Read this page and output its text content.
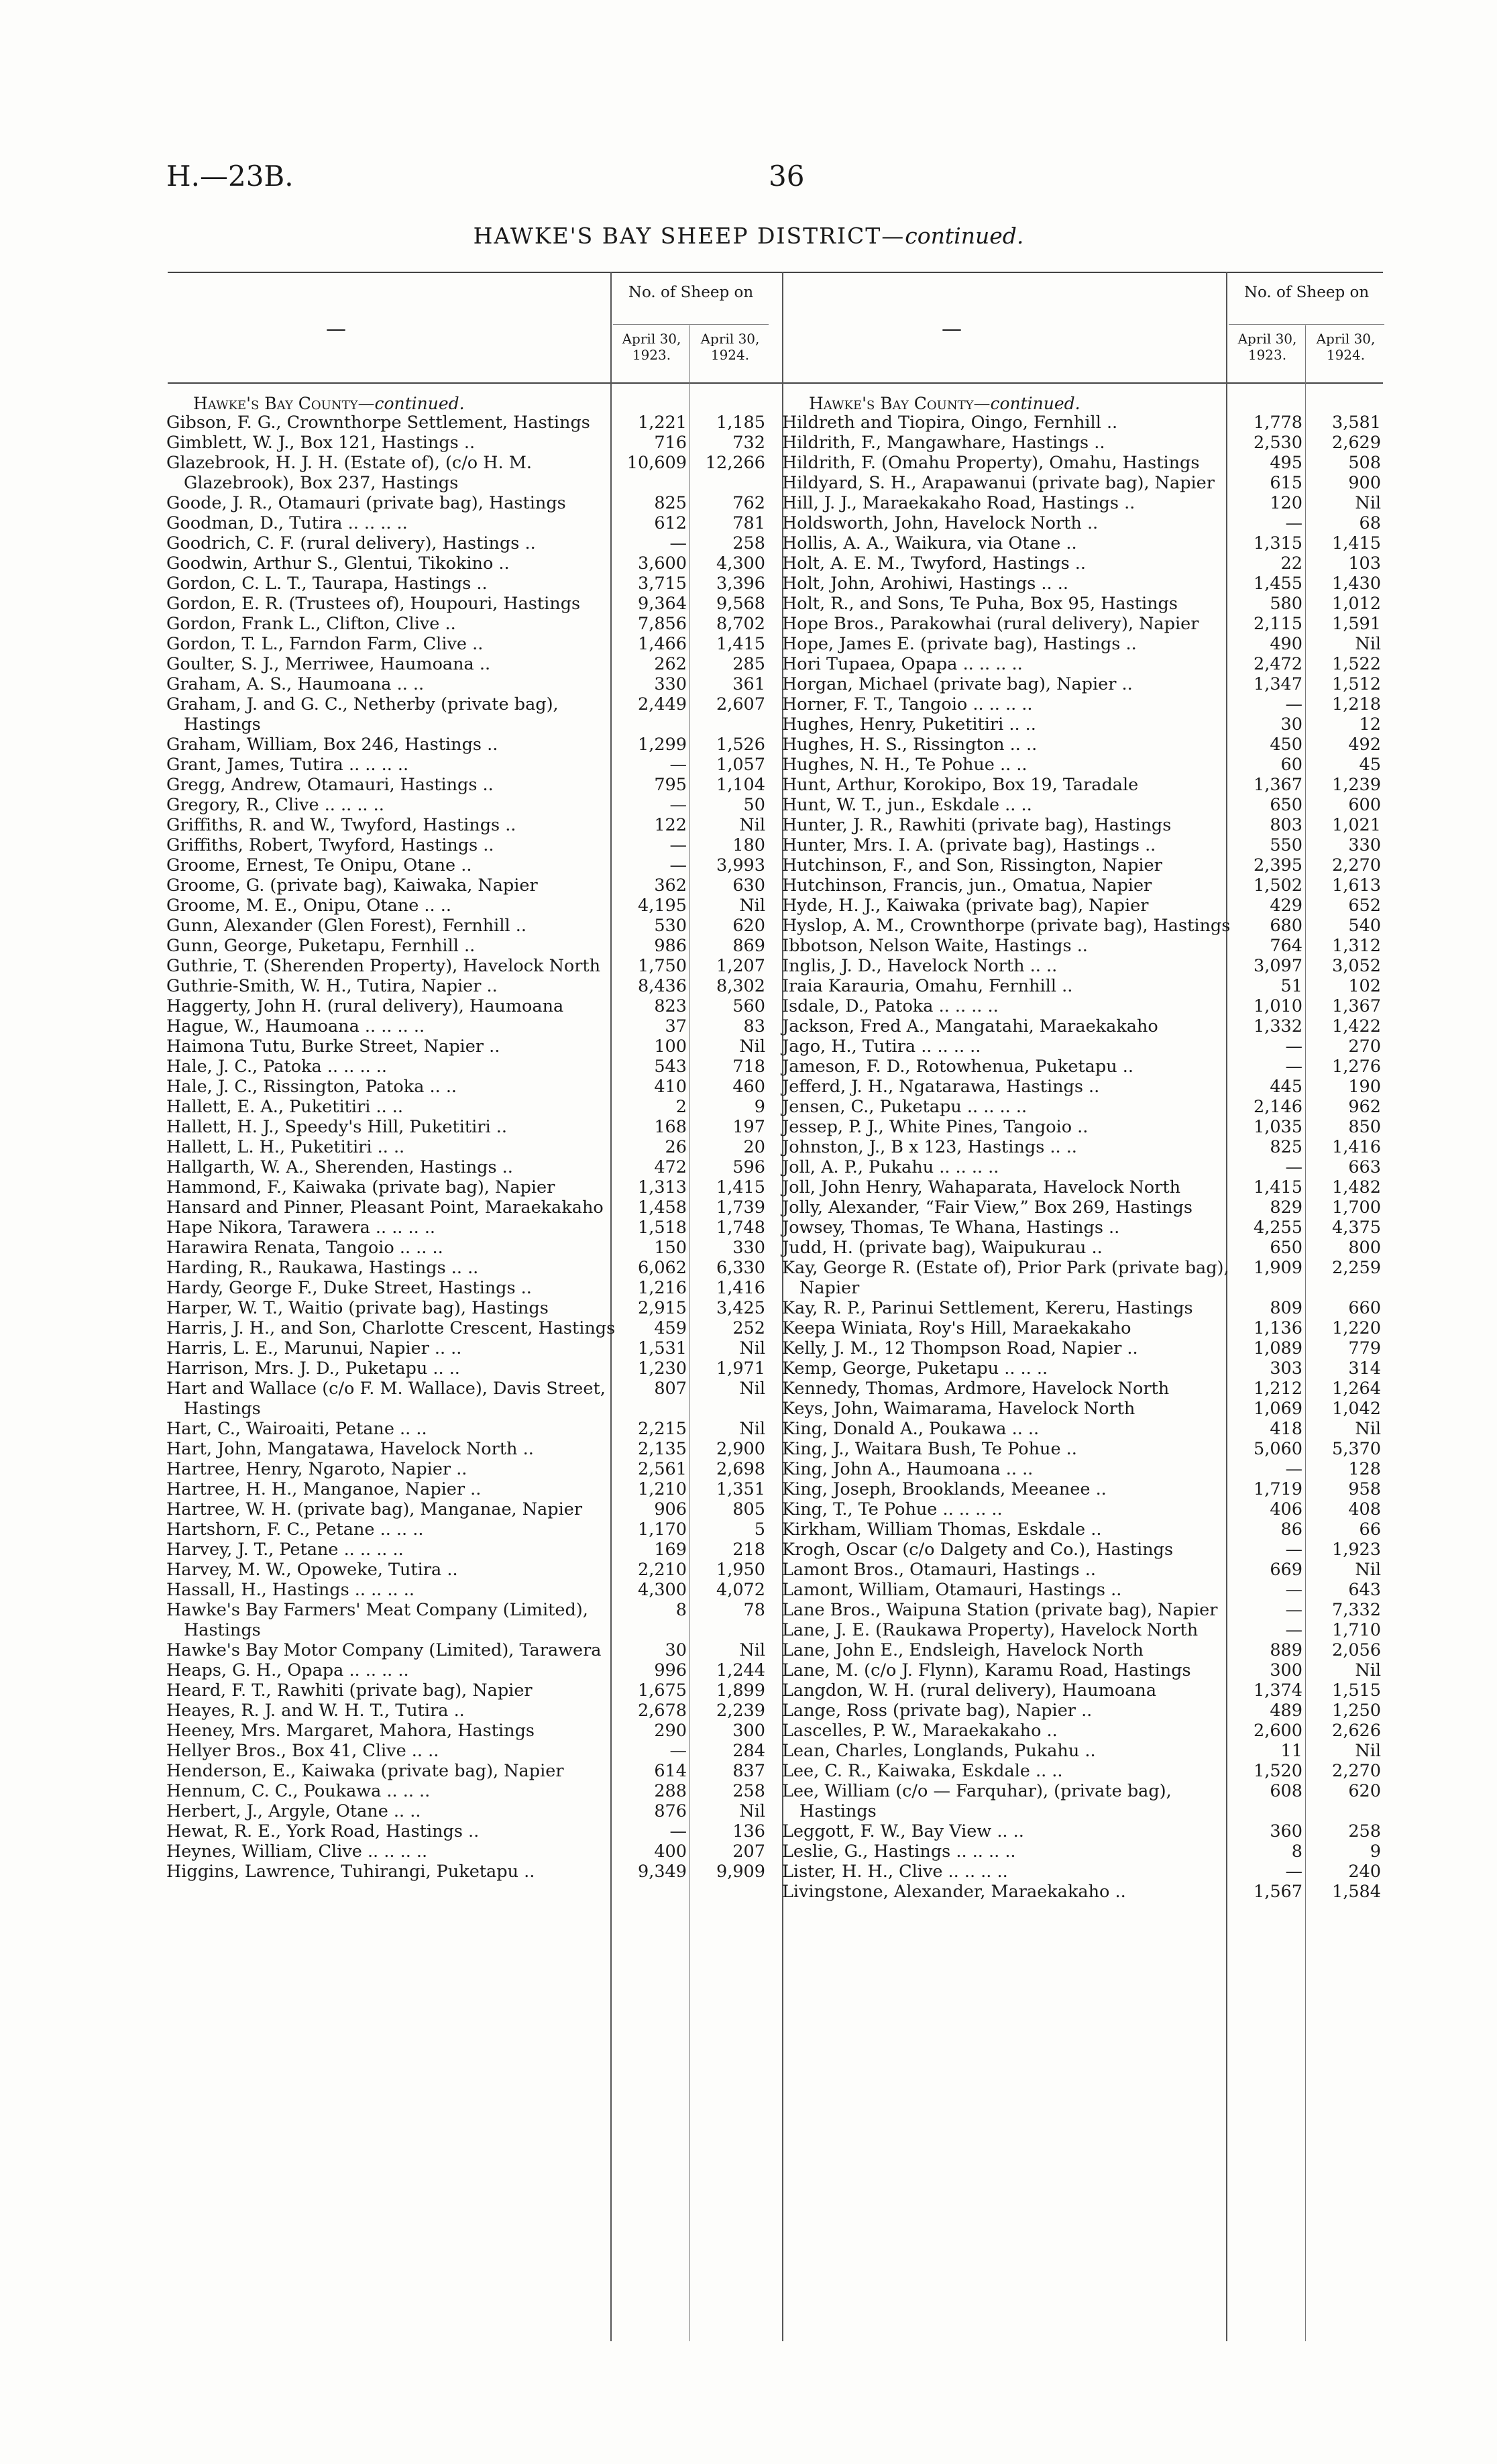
H.—23B.	36
HAWKE'S BAY SHEEP DISTRICT—continued.
—
No. of Sheep on
April 30,
1923.
April 30,
1924.
Hawke's Bay County—continued.
Gibson, F. G., Crownthorpe Settlement, Hastings	1,221	1,185
Gimblett, W. J., Box 121, Hastings ..	716	732
Glazebrook, H. J. H. (Estate of), (c/o H. M. Glazebrook), Box 237, Hastings
10,609	12,266
Goode, J. R., Otamauri (private bag), Hastings	825	762
Goodman, D., Tutira .. .. .. ..	612	781
Goodrich, C. F. (rural delivery), Hastings ..	—	258
Goodwin, Arthur S., Glentui, Tikokino ..	3,600	4,300
Gordon, C. L. T., Taurapa, Hastings ..	3,715	3,396
Gordon, E. R. (Trustees of), Houpouri, Hastings	9,364	9,568
Gordon, Frank L., Clifton, Clive ..	7,856	8,702
Gordon, T. L., Farndon Farm, Clive ..	1,466	1,415
Goulter, S. J., Merriwee, Haumoana ..	262	285
Graham, A. S., Haumoana .. ..	330	361
Graham, J. and G. C., Netherby (private bag), Hastings
2,449	2,607
Graham, William, Box 246, Hastings ..	1,299	1,526
Grant, James, Tutira .. .. .. ..	—	1,057
Gregg, Andrew, Otamauri, Hastings ..	795	1,104
Gregory, R., Clive .. .. .. ..	—	50
Griffiths, R. and W., Twyford, Hastings ..	122	Nil
Griffiths, Robert, Twyford, Hastings ..	—	180
Groome, Ernest, Te Onipu, Otane ..	—	3,993
Groome, G. (private bag), Kaiwaka, Napier	362	630
Groome, M. E., Onipu, Otane .. ..	4,195	Nil
Gunn, Alexander (Glen Forest), Fernhill ..	530	620
Gunn, George, Puketapu, Fernhill ..	986	869
Guthrie, T. (Sherenden Property), Havelock North	1,750	1,207
Guthrie-Smith, W. H., Tutira, Napier ..	8,436	8,302
Haggerty, John H. (rural delivery), Haumoana	823	560
Hague, W., Haumoana .. .. .. ..	37	83
Haimona Tutu, Burke Street, Napier ..	100	Nil
Hale, J. C., Patoka .. .. .. ..	543	718
Hale, J. C., Rissington, Patoka .. ..	410	460
Hallett, E. A., Puketitiri .. ..	2	9
Hallett, H. J., Speedy's Hill, Puketitiri ..	168	197
Hallett, L. H., Puketitiri .. ..	26	20
Hallgarth, W. A., Sherenden, Hastings ..	472	596
Hammond, F., Kaiwaka (private bag), Napier	1,313	1,415
Hansard and Pinner, Pleasant Point, Maraekakaho	1,458	1,739
Hape Nikora, Tarawera .. .. .. ..	1,518	1,748
Harawira Renata, Tangoio .. .. ..	150	330
Harding, R., Raukawa, Hastings .. ..	6,062	6,330
Hardy, George F., Duke Street, Hastings ..	1,216	1,416
Harper, W. T., Waitio (private bag), Hastings	2,915	3,425
Harris, J. H., and Son, Charlotte Crescent, Hastings	459	252
Harris, L. E., Marunui, Napier .. ..	1,531	Nil
Harrison, Mrs. J. D., Puketapu .. ..	1,230	1,971
Hart and Wallace (c/o F. M. Wallace), Davis Street, Hastings
807	Nil
Hart, C., Wairoaiti, Petane .. ..	2,215	Nil
Hart, John, Mangatawa, Havelock North ..	2,135	2,900
Hartree, Henry, Ngaroto, Napier ..	2,561	2,698
Hartree, H. H., Manganoe, Napier ..	1,210	1,351
Hartree, W. H. (private bag), Manganae, Napier	906	805
Hartshorn, F. C., Petane .. .. ..	1,170	5
Harvey, J. T., Petane .. .. .. ..	169	218
Harvey, M. W., Opoweke, Tutira ..	2,210	1,950
Hassall, H., Hastings .. .. .. ..	4,300	4,072
Hawke's Bay Farmers' Meat Company (Limited), Hastings
8	78
Hawke's Bay Motor Company (Limited), Tarawera	30	Nil
Heaps, G. H., Opapa .. .. .. ..	996	1,244
Heard, F. T., Rawhiti (private bag), Napier	1,675	1,899
Heayes, R. J. and W. H. T., Tutira ..	2,678	2,239
Heeney, Mrs. Margaret, Mahora, Hastings	290	300
Hellyer Bros., Box 41, Clive .. ..	—	284
Henderson, E., Kaiwaka (private bag), Napier	614	837
Hennum, C. C., Poukawa .. .. ..	288	258
Herbert, J., Argyle, Otane .. ..	876	Nil
Hewat, R. E., York Road, Hastings ..	—	136
Heynes, William, Clive .. .. .. ..	400	207
Higgins, Lawrence, Tuhirangi, Puketapu ..	9,349	9,909
—
No. of Sheep on
April 30,
1923.
April 30,
1924.
Hawke's Bay County—continued.
Hildreth and Tiopira, Oingo, Fernhill ..	1,778	3,581
Hildrith, F., Mangawhare, Hastings ..	2,530	2,629
Hildrith, F. (Omahu Property), Omahu, Hastings	495	508
Hildyard, S. H., Arapawanui (private bag), Napier	615	900
Hill, J. J., Maraekakaho Road, Hastings ..	120	Nil
Holdsworth, John, Havelock North ..	—	68
Hollis, A. A., Waikura, via Otane ..	1,315	1,415
Holt, A. E. M., Twyford, Hastings ..	22	103
Holt, John, Arohiwi, Hastings .. ..	1,455	1,430
Holt, R., and Sons, Te Puha, Box 95, Hastings	580	1,012
Hope Bros., Parakowhai (rural delivery), Napier	2,115	1,591
Hope, James E. (private bag), Hastings ..	490	Nil
Hori Tupaea, Opapa .. .. .. ..	2,472	1,522
Horgan, Michael (private bag), Napier ..	1,347	1,512
Horner, F. T., Tangoio .. .. .. ..	—	1,218
Hughes, Henry, Puketitiri .. ..	30	12
Hughes, H. S., Rissington .. ..	450	492
Hughes, N. H., Te Pohue .. ..	60	45
Hunt, Arthur, Korokipo, Box 19, Taradale	1,367	1,239
Hunt, W. T., jun., Eskdale .. ..	650	600
Hunter, J. R., Rawhiti (private bag), Hastings	803	1,021
Hunter, Mrs. I. A. (private bag), Hastings ..	550	330
Hutchinson, F., and Son, Rissington, Napier	2,395	2,270
Hutchinson, Francis, jun., Omatua, Napier	1,502	1,613
Hyde, H. J., Kaiwaka (private bag), Napier	429	652
Hyslop, A. M., Crownthorpe (private bag), Hastings	680	540
Ibbotson, Nelson Waite, Hastings ..	764	1,312
Inglis, J. D., Havelock North .. ..	3,097	3,052
Iraia Karauria, Omahu, Fernhill ..	51	102
Isdale, D., Patoka .. .. .. ..	1,010	1,367
Jackson, Fred A., Mangatahi, Maraekakaho	1,332	1,422
Jago, H., Tutira .. .. .. ..	—	270
Jameson, F. D., Rotowhenua, Puketapu ..	—	1,276
Jefferd, J. H., Ngatarawa, Hastings ..	445	190
Jensen, C., Puketapu .. .. .. ..	2,146	962
Jessep, P. J., White Pines, Tangoio ..	1,035	850
Johnston, J., B x 123, Hastings .. ..	825	1,416
Joll, A. P., Pukahu .. .. .. ..	—	663
Joll, John Henry, Wahaparata, Havelock North	1,415	1,482
Jolly, Alexander, “Fair View,” Box 269, Hastings	829	1,700
Jowsey, Thomas, Te Whana, Hastings ..	4,255	4,375
Judd, H. (private bag), Waipukurau ..	650	800
Kay, George R. (Estate of), Prior Park (private bag), Napier
1,909	2,259
Kay, R. P., Parinui Settlement, Kereru, Hastings	809	660
Keepa Winiata, Roy's Hill, Maraekakaho	1,136	1,220
Kelly, J. M., 12 Thompson Road, Napier ..	1,089	779
Kemp, George, Puketapu .. .. ..	303	314
Kennedy, Thomas, Ardmore, Havelock North	1,212	1,264
Keys, John, Waimarama, Havelock North	1,069	1,042
King, Donald A., Poukawa .. ..	418	Nil
King, J., Waitara Bush, Te Pohue ..	5,060	5,370
King, John A., Haumoana .. ..	—	128
King, Joseph, Brooklands, Meeanee ..	1,719	958
King, T., Te Pohue .. .. .. ..	406	408
Kirkham, William Thomas, Eskdale ..	86	66
Krogh, Oscar (c/o Dalgety and Co.), Hastings	—	1,923
Lamont Bros., Otamauri, Hastings ..	669	Nil
Lamont, William, Otamauri, Hastings ..	—	643
Lane Bros., Waipuna Station (private bag), Napier	—	7,332
Lane, J. E. (Raukawa Property), Havelock North	—	1,710
Lane, John E., Endsleigh, Havelock North	889	2,056
Lane, M. (c/o J. Flynn), Karamu Road, Hastings	300	Nil
Langdon, W. H. (rural delivery), Haumoana	1,374	1,515
Lange, Ross (private bag), Napier ..	489	1,250
Lascelles, P. W., Maraekakaho ..	2,600	2,626
Lean, Charles, Longlands, Pukahu ..	11	Nil
Lee, C. R., Kaiwaka, Eskdale .. ..	1,520	2,270
Lee, William (c/o — Farquhar), (private bag), Hastings
608	620
Leggott, F. W., Bay View .. ..	360	258
Leslie, G., Hastings .. .. .. ..	8	9
Lister, H. H., Clive .. .. .. ..	—	240
Livingstone, Alexander, Maraekakaho ..	1,567	1,584
